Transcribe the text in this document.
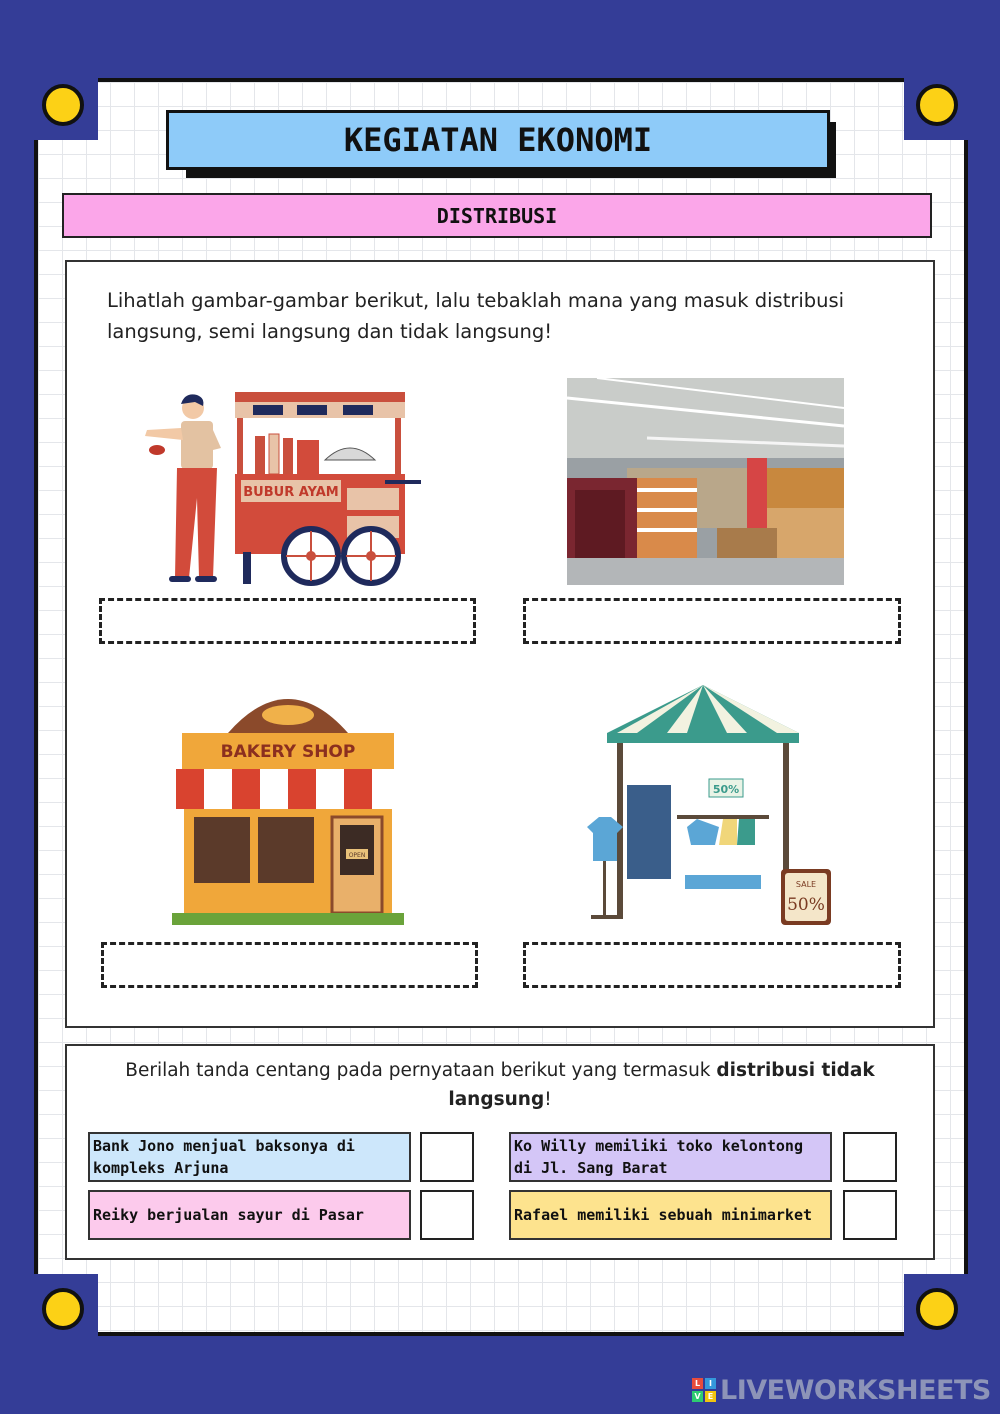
KEGIATAN EKONOMI
DISTRIBUSI
Lihatlah gambar-gambar berikut, lalu tebaklah mana yang masuk distribusi langsung, semi langsung dan tidak langsung!
BUBUR AYAM
BAKERY SHOP
OPEN
50%
SALE
50%
Berilah tanda centang pada pernyataan berikut yang termasuk distribusi tidak langsung!
Bank Jono menjual baksonya di kompleks Arjuna
Ko Willy memiliki toko kelontong di Jl. Sang Barat
Reiky berjualan sayur di Pasar	Rafael memiliki sebuah minimarket
L	I
V E LIVEWORKSHEETS
